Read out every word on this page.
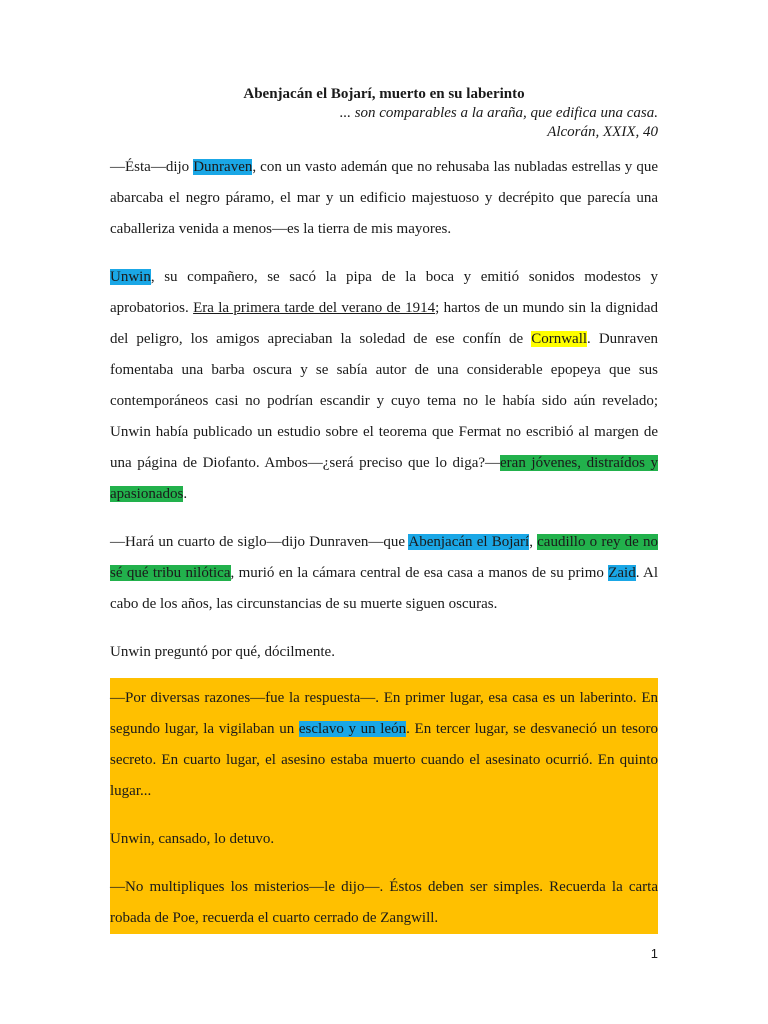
Abenjacán el Bojarí, muerto en su laberinto

... son comparables a la araña, que edifica una casa.

Alcorán, XXIX, 40

—Ésta—dijo Dunraven, con un vasto ademán que no rehusaba las nubladas estrellas y que abarcaba el negro páramo, el mar y un edificio majestuoso y decrépito que parecía una caballeriza venida a menos—es la tierra de mis mayores.

Unwin, su compañero, se sacó la pipa de la boca y emitió sonidos modestos y aprobatorios. Era la primera tarde del verano de 1914; hartos de un mundo sin la dignidad del peligro, los amigos apreciaban la soledad de ese confín de Cornwall. Dunraven fomentaba una barba oscura y se sabía autor de una considerable epopeya que sus contemporáneos casi no podrían escandir y cuyo tema no le había sido aún revelado; Unwin había publicado un estudio sobre el teorema que Fermat no escribió al margen de una página de Diofanto. Ambos—¿será preciso que lo diga?—eran jóvenes, distraídos y apasionados.

—Hará un cuarto de siglo—dijo Dunraven—que Abenjacán el Bojarí, caudillo o rey de no sé qué tribu nilótica, murió en la cámara central de esa casa a manos de su primo Zaid. Al cabo de los años, las circunstancias de su muerte siguen oscuras.

Unwin preguntó por qué, dócilmente.

—Por diversas razones—fue la respuesta—. En primer lugar, esa casa es un laberinto. En segundo lugar, la vigilaban un esclavo y un león. En tercer lugar, se desvaneció un tesoro secreto. En cuarto lugar, el asesino estaba muerto cuando el asesinato ocurrió. En quinto lugar...

Unwin, cansado, lo detuvo.

—No multipliques los misterios—le dijo—. Éstos deben ser simples. Recuerda la carta robada de Poe, recuerda el cuarto cerrado de Zangwill.

1
